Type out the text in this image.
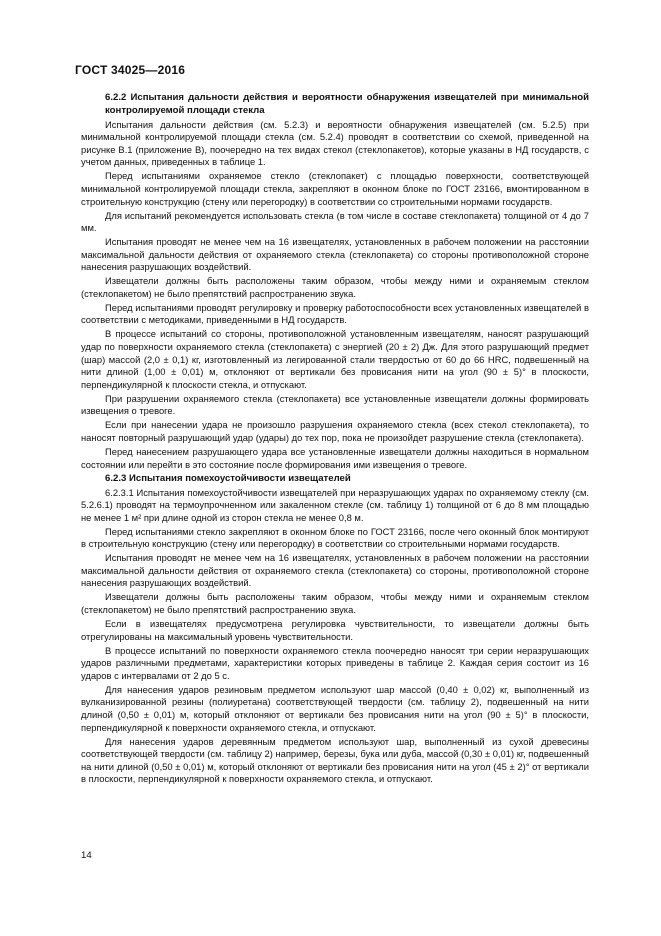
ГОСТ 34025—2016
6.2.2 Испытания дальности действия и вероятности обнаружения извещателей при минимальной контролируемой площади стекла

Испытания дальности действия (см. 5.2.3) и вероятности обнаружения извещателей (см. 5.2.5) при минимальной контролируемой площади стекла (см. 5.2.4) проводят в соответствии со схемой, приведенной на рисунке В.1 (приложение В), поочередно на тех видах стекол (стеклопакетов), которые указаны в НД государств, с учетом данных, приведенных в таблице 1.

Перед испытаниями охраняемое стекло (стеклопакет) с площадью поверхности, соответствующей минимальной контролируемой площади стекла, закрепляют в оконном блоке по ГОСТ 23166, вмонтированном в строительную конструкцию (стену или перегородку) в соответствии со строительными нормами государств.

Для испытаний рекомендуется использовать стекла (в том числе в составе стеклопакета) толщиной от 4 до 7 мм.

Испытания проводят не менее чем на 16 извещателях, установленных в рабочем положении на расстоянии максимальной дальности действия от охраняемого стекла (стеклопакета) со стороны противоположной стороне нанесения разрушающих воздействий.

Извещатели должны быть расположены таким образом, чтобы между ними и охраняемым стеклом (стеклопакетом) не было препятствий распространению звука.

Перед испытаниями проводят регулировку и проверку работоспособности всех установленных извещателей в соответствии с методиками, приведенными в НД государств.

В процессе испытаний со стороны, противоположной установленным извещателям, наносят разрушающий удар по поверхности охраняемого стекла (стеклопакета) с энергией (20 ± 2) Дж. Для этого разрушающий предмет (шар) массой (2,0 ± 0,1) кг, изготовленный из легированной стали твердостью от 60 до 66 HRC, подвешенный на нити длиной (1,00 ± 0,01) м, отклоняют от вертикали без провисания нити на угол (90 ± 5)° в плоскости, перпендикулярной к плоскости стекла, и отпускают.

При разрушении охраняемого стекла (стеклопакета) все установленные извещатели должны формировать извещения о тревоге.

Если при нанесении удара не произошло разрушения охраняемого стекла (всех стекол стеклопакета), то наносят повторный разрушающий удар (удары) до тех пор, пока не произойдет разрушение стекла (стеклопакета).

Перед нанесением разрушающего удара все установленные извещатели должны находиться в нормальном состоянии или перейти в это состояние после формирования ими извещения о тревоге.

6.2.3 Испытания помехоустойчивости извещателей

6.2.3.1 Испытания помехоустойчивости извещателей при неразрушающих ударах по охраняемому стеклу (см. 5.2.6.1) проводят на термоупрочненном или закаленном стекле (см. таблицу 1) толщиной от 6 до 8 мм площадью не менее 1 м² при длине одной из сторон стекла не менее 0,8 м.

Перед испытаниями стекло закрепляют в оконном блоке по ГОСТ 23166, после чего оконный блок монтируют в строительную конструкцию (стену или перегородку) в соответствии со строительными нормами государств.

Испытания проводят не менее чем на 16 извещателях, установленных в рабочем положении на расстоянии максимальной дальности действия от охраняемого стекла (стеклопакета) со стороны, противоположной стороне нанесения разрушающих воздействий.

Извещатели должны быть расположены таким образом, чтобы между ними и охраняемым стеклом (стеклопакетом) не было препятствий распространению звука.

Если в извещателях предусмотрена регулировка чувствительности, то извещатели должны быть отрегулированы на максимальный уровень чувствительности.

В процессе испытаний по поверхности охраняемого стекла поочередно наносят три серии неразрушающих ударов различными предметами, характеристики которых приведены в таблице 2. Каждая серия состоит из 16 ударов с интервалами от 2 до 5 с.

Для нанесения ударов резиновым предметом используют шар массой (0,40 ± 0,02) кг, выполненный из вулканизированной резины (полиуретана) соответствующей твердости (см. таблицу 2), подвешенный на нити длиной (0,50 ± 0,01) м, который отклоняют от вертикали без провисания нити на угол (90 ± 5)° в плоскости, перпендикулярной к поверхности охраняемого стекла, и отпускают.

Для нанесения ударов деревянным предметом используют шар, выполненный из сухой древесины соответствующей твердости (см. таблицу 2) например, березы, бука или дуба, массой (0,30 ± 0,01) кг, подвешенный на нити длиной (0,50 ± 0,01) м, который отклоняют от вертикали без провисания нити на угол (45 ± 2)° от вертикали в плоскости, перпендикулярной к поверхности охраняемого стекла, и отпускают.

14
